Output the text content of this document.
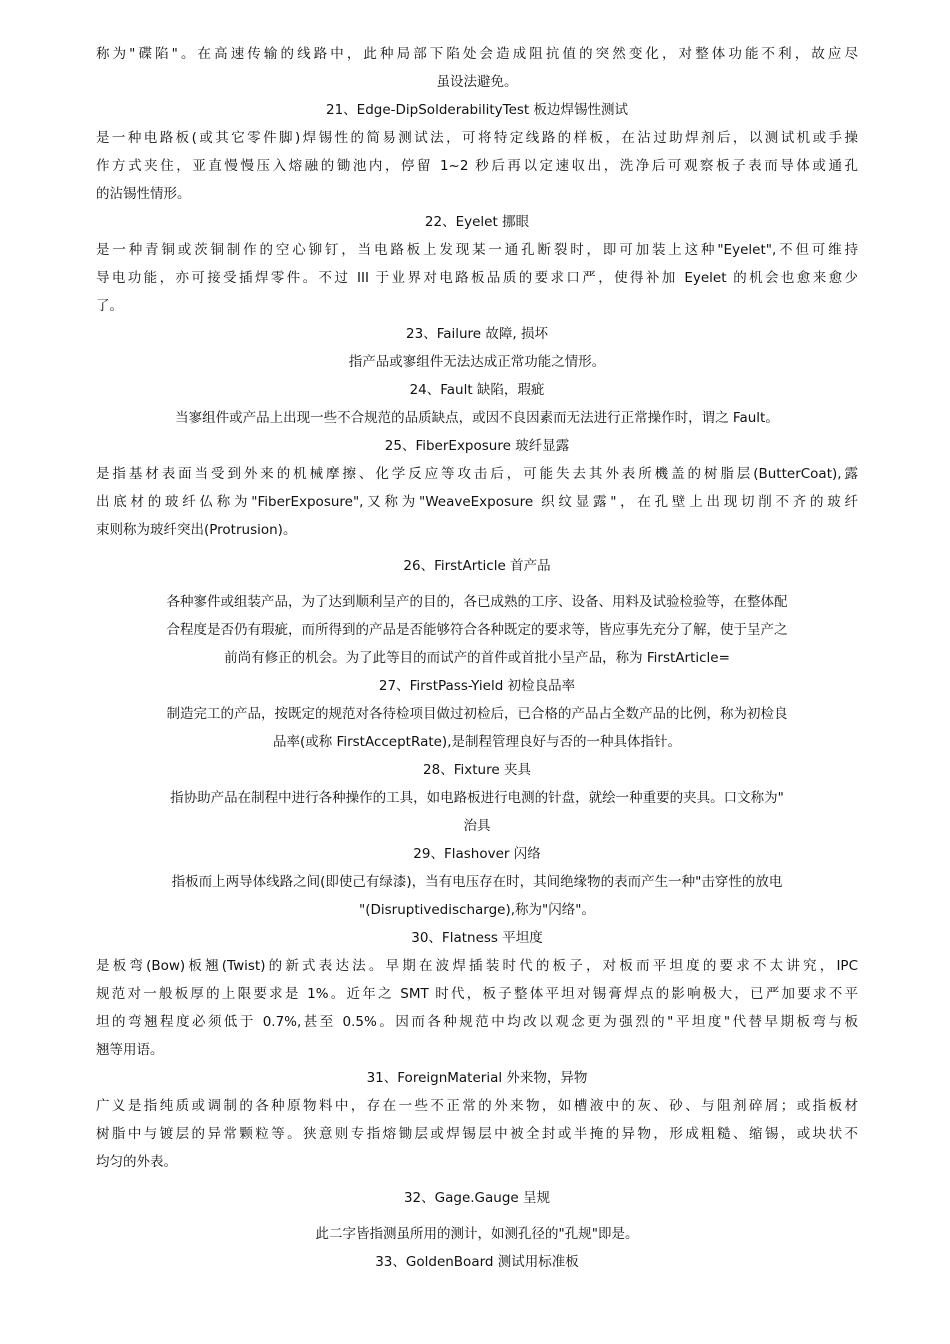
称为"碟陷"。在高速传输的线路中，此种局部下陷处会造成阻抗值的突然变化，对整体功能不利，故应尽
虽设法避免。
21、Edge-DipSolderabilityTest 板边焊锡性测试
是一种电路板(或其它零件脚)焊锡性的简易测试法，可将特定线路的样板，在沾过助焊剂后，以测试机或手操
作方式夹住，亚直慢慢压入熔融的锄池内，停留 1~2 秒后再以定速収出，洗净后可观察板子表而导体或通孔
的沾锡性情形。
22、Eyelet 挪眼
是一种青铜或茨铜制作的空心铆钉，当电路板上发现某一通孔断裂时，即可加装上这种"Eyelet",不但可维持
导电功能，亦可接受插焊零件。不过 III 于业界对电路板品质的要求口严，使得补加 Eyelet 的机会也愈来愈少
了。
23、Failure 故障, 损坏
指产品或寥组件无法达成正常功能之情形。
24、Fault 缺陷，瑕疵
当寥组件或产品上出现一些不合规范的品质缺点，或因不良因素而无法进行正常操作时，谓之 Fault。
25、FiberExposure 玻纤显露
是指基材表面当受到外来的机械摩擦、化学反应等攻击后，可能失去其外表所機盖的树脂层(ButterCoat),露
出底材的玻纤仏称为"FiberExposure",又称为"WeaveExposure 织纹显露"，在孔壁上出现切削不齐的玻纤
束则称为玻纤突出(Protrusion)。
26、FirstArticle 首产品
各种寥件或组装产品，为了达到顺利呈产的目的，各已成熟的工序、设备、用料及试验检验等，在整体配
合程度是否仍有瑕疵，而所得到的产品是否能够符合各种既定的要求等，皆应事先充分了解，使于呈产之
前尚有修正的机会。为了此等目的而试产的首件或首批小呈产品，称为 FirstArticle=
27、FirstPass-Yield 初检良品率
制造完工的产品，按既定的规范对各待检项目做过初检后，已合格的产品占全数产品的比例，称为初检良
品率(或称 FirstAcceptRate),是制程管理良好与否的一种具体指针。
28、Fixture 夹具
指协助产品在制程中进行各种操作的工具，如电路板进行电测的针盘，就绘一种重要的夹具。口文称为"
治具
29、Flashover 闪络
指板而上两导体线路之间(即使己有绿漆)，当有电压存在时，其间绝缘物的表而产生一种"击穿性的放电
"(Disruptivedischarge),称为"闪络"。
30、Flatness 平坦度
是板弯(Bow)板翘(Twist)的新式表达法。早期在波焊插装时代的板子，对板而平坦度的要求不太讲究，IPC
规范对一般板厚的上限要求是 1%。近年之 SMT 时代，板子整体平坦对锡膏焊点的影响极大，已严加要求不平
坦的弯翘程度必须低于 0.7%,甚至 0.5%。因而各种规范中均改以观念更为强烈的"平坦度"代替早期板弯与板
翘等用语。
31、ForeignMaterial 外来物，异物
广义是指纯质或调制的各种原物料中，存在一些不正常的外来物，如槽液中的灰、砂、与阻剂碎屑；或指板材
树脂中与镀层的异常颗粒等。狭意则专指熔锄层或焊锡层中被全封或半掩的异物，形成粗糙、缩锡，或块状不
均匀的外表。
32、Gage.Gauge 呈规
此二字皆指测虽所用的测计，如测孔径的"孔规"即是。
33、GoldenBoard 测试用标准板
